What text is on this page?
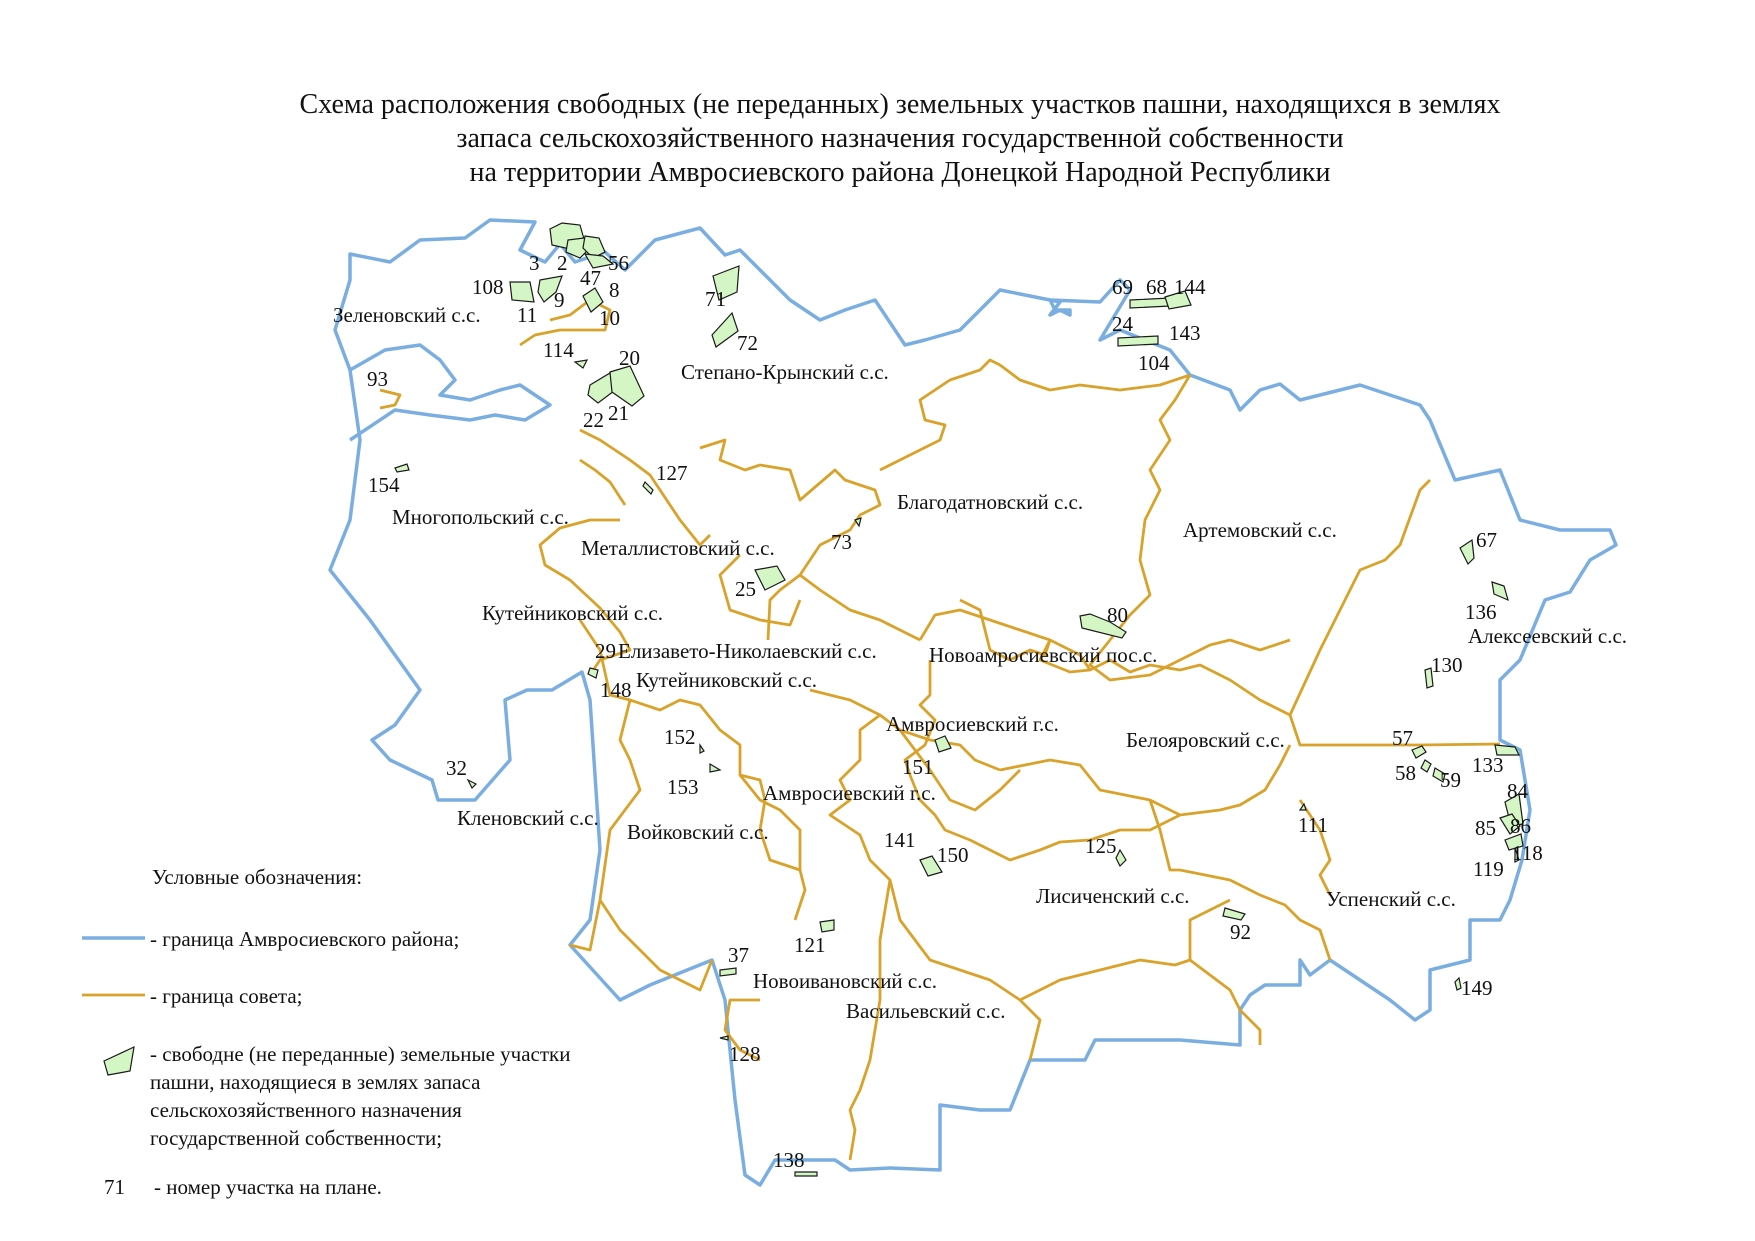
Схема расположения свободных (не переданных) земельных участков пашни, находящихся в землях
запаса сельскохозяйственного назначения государственной собственности
на территории Амвросиевского района Донецкой Народной Республики
Зеленовский с.с.
Степано-Крынский с.с.
Многопольский с.с.
Благодатновский с.с.
Артемовский с.с.
Металлистовский с.с.
Кутейниковский с.с.
Елизавето-Николаевский с.с. Новоамросиевский пос.с.
Кутейниковский с.с.
Алексеевский с.с.
Амвросиевский г.с.
Белояровский с.с.
Амвросиевский г.с.
Кленовский с.с.
Войковский с.с.
Лисиченский с.с.	Успенский с.с.
Новоивановский с.с.
Васильевский с.с.
3 2 56
47
108	8
9
11	10
71
72
69 68 144
24 143
104
114 20
93
22 21
154	127
73	67
25
136
80
29
148
130
152
153
32
57
58 59
133
151
84
111	85 86
141
150	125	118
119
92
121
37
149
128
138
Условные обозначения:
- граница Амвросиевского района;
- граница совета;
- свободне (не переданные) земельные участки
пашни, находящиеся в землях запаса
сельскохозяйственного назначения
государственной собственности;
71 - номер участка на плане.
